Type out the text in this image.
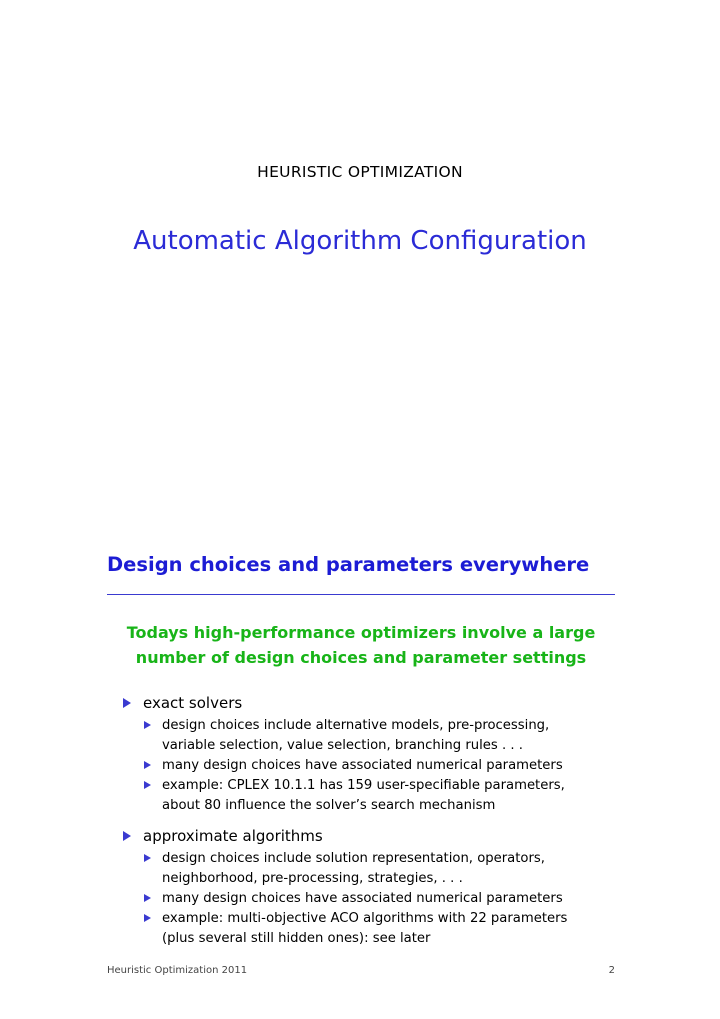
HEURISTIC OPTIMIZATION
Automatic Algorithm Configuration
Design choices and parameters everywhere
Todays high-performance optimizers involve a large
number of design choices and parameter settings
exact solvers
design choices include alternative models, pre-processing,
variable selection, value selection, branching rules . . .
many design choices have associated numerical parameters
example: CPLEX 10.1.1 has 159 user-specifiable parameters,
about 80 influence the solver’s search mechanism
approximate algorithms
design choices include solution representation, operators,
neighborhood, pre-processing, strategies, . . .
many design choices have associated numerical parameters
example: multi-objective ACO algorithms with 22 parameters
(plus several still hidden ones): see later
Heuristic Optimization 2011	2
